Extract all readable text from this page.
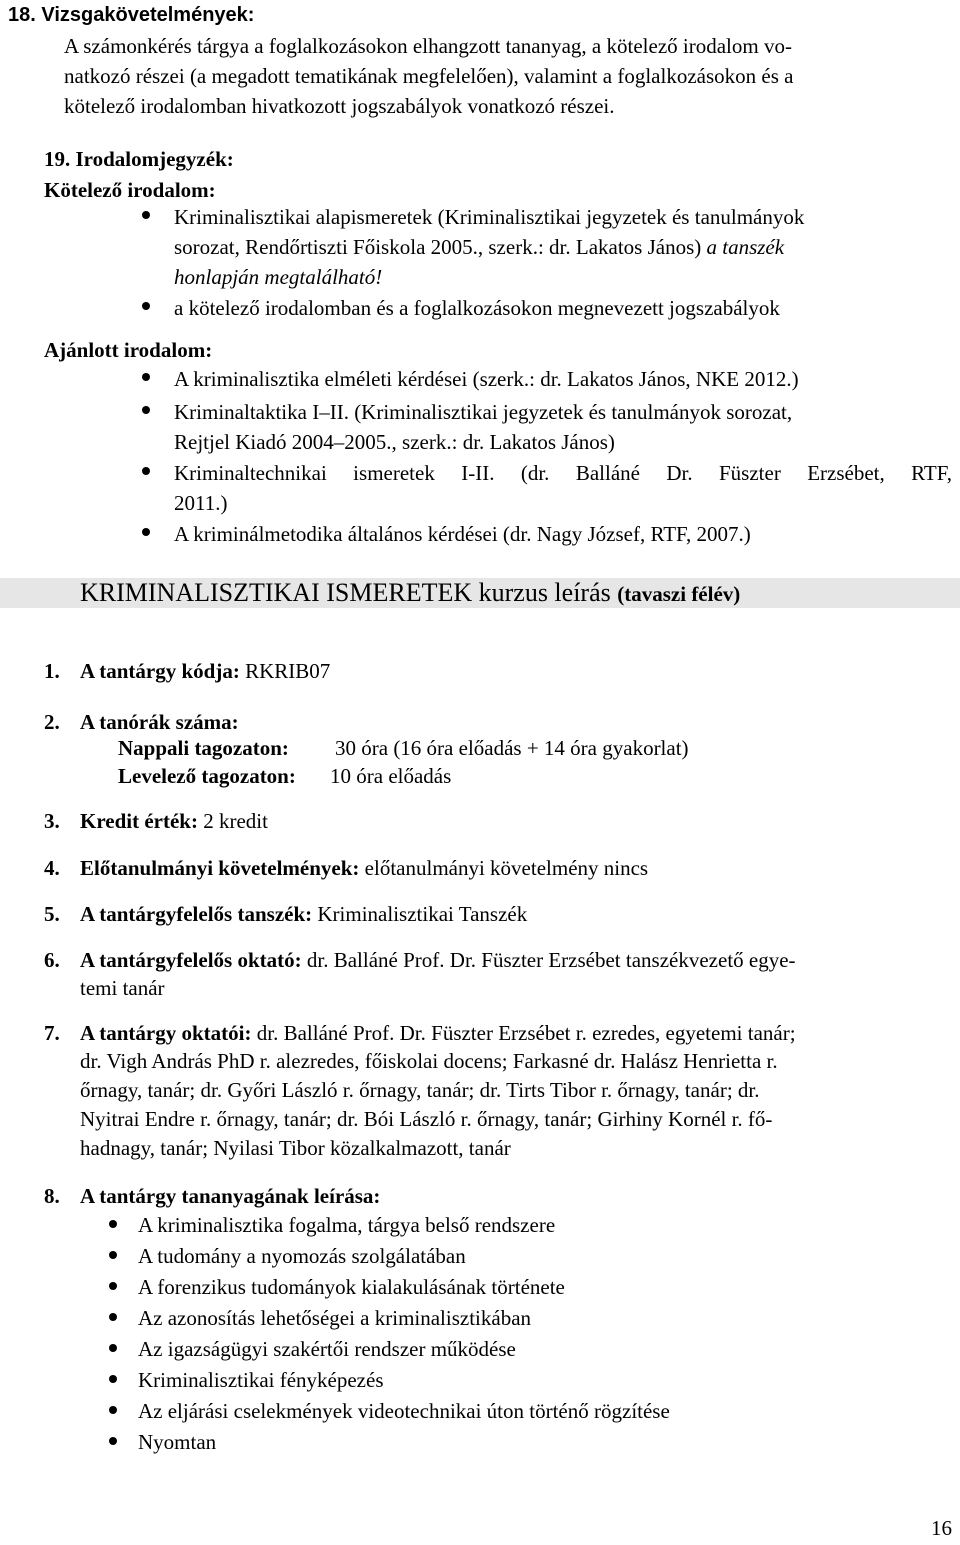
18. Vizsgakövetelmények:
A számonkérés tárgya a foglalkozásokon elhangzott tananyag, a kötelező irodalom vo-
natkozó részei (a megadott tematikának megfelelően), valamint a foglalkozásokon és a
kötelező irodalomban hivatkozott jogszabályok vonatkozó részei.
19. Irodalomjegyzék:
Kötelező irodalom:
Kriminalisztikai alapismeretek (Kriminalisztikai jegyzetek és tanulmányok
sorozat, Rendőrtiszti Főiskola 2005., szerk.: dr. Lakatos János) a tanszék
honlapján megtalálható!
a kötelező irodalomban és a foglalkozásokon megnevezett jogszabályok
Ajánlott irodalom:
A kriminalisztika elméleti kérdései (szerk.: dr. Lakatos János, NKE 2012.)
Kriminaltaktika I–II. (Kriminalisztikai jegyzetek és tanulmányok sorozat,
Rejtjel Kiadó 2004–2005., szerk.: dr. Lakatos János)
Kriminaltechnikai ismeretek I-II. (dr. Balláné Dr. Füszter Erzsébet, RTF,
2011.)
A kriminálmetodika általános kérdései (dr. Nagy József, RTF, 2007.)
KRIMINALISZTIKAI ISMERETEK kurzus leírás (tavaszi félév)
1. A tantárgy kódja: RKRIB07
2. A tanórák száma:
Nappali tagozaton: 30 óra (16 óra előadás + 14 óra gyakorlat)
Levelező tagozaton: 10 óra előadás
3. Kredit érték: 2 kredit
4. Előtanulmányi követelmények: előtanulmányi követelmény nincs
5. A tantárgyfelelős tanszék: Kriminalisztikai Tanszék
6. A tantárgyfelelős oktató: dr. Balláné Prof. Dr. Füszter Erzsébet tanszékvezető egye-
temi tanár
7. A tantárgy oktatói: dr. Balláné Prof. Dr. Füszter Erzsébet r. ezredes, egyetemi tanár;
dr. Vigh András PhD r. alezredes, főiskolai docens; Farkasné dr. Halász Henrietta r.
őrnagy, tanár; dr. Győri László r. őrnagy, tanár; dr. Tirts Tibor r. őrnagy, tanár; dr.
Nyitrai Endre r. őrnagy, tanár; dr. Bói László r. őrnagy, tanár; Girhiny Kornél r. fő-
hadnagy, tanár; Nyilasi Tibor közalkalmazott, tanár
8. A tantárgy tananyagának leírása:
A kriminalisztika fogalma, tárgya belső rendszere
A tudomány a nyomozás szolgálatában
A forenzikus tudományok kialakulásának története
Az azonosítás lehetőségei a kriminalisztikában
Az igazságügyi szakértői rendszer működése
Kriminalisztikai fényképezés
Az eljárási cselekmények videotechnikai úton történő rögzítése
Nyomtan
16
